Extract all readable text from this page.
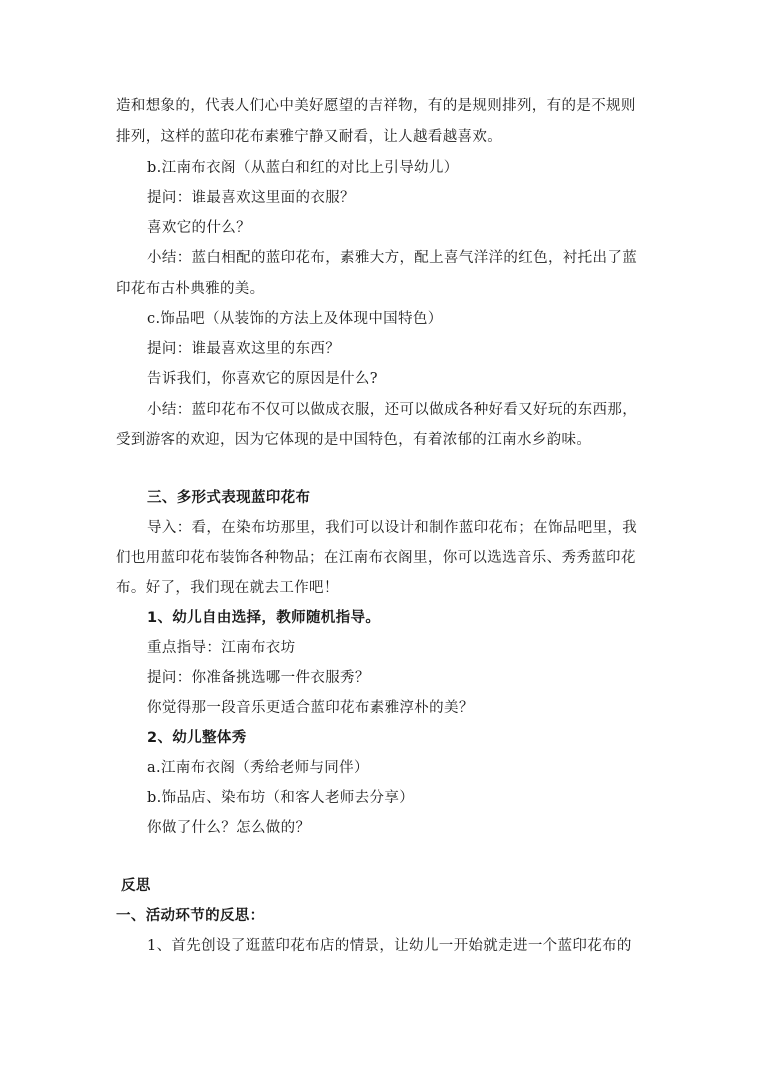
造和想象的，代表人们心中美好愿望的吉祥物，有的是规则排列，有的是不规则
排列，这样的蓝印花布素雅宁静又耐看，让人越看越喜欢。
b.江南布衣阁（从蓝白和红的对比上引导幼儿）
提问：谁最喜欢这里面的衣服？
喜欢它的什么？
小结：蓝白相配的蓝印花布，素雅大方，配上喜气洋洋的红色，衬托出了蓝
印花布古朴典雅的美。
c.饰品吧（从装饰的方法上及体现中国特色）
提问：谁最喜欢这里的东西？
告诉我们，你喜欢它的原因是什么?
小结：蓝印花布不仅可以做成衣服，还可以做成各种好看又好玩的东西那，
受到游客的欢迎，因为它体现的是中国特色，有着浓郁的江南水乡韵味。
三、多形式表现蓝印花布
导入：看，在染布坊那里，我们可以设计和制作蓝印花布；在饰品吧里，我
们也用蓝印花布装饰各种物品；在江南布衣阁里，你可以选选音乐、秀秀蓝印花
布。好了，我们现在就去工作吧！
1、幼儿自由选择，教师随机指导。
重点指导：江南布衣坊
提问：你准备挑选哪一件衣服秀？
你觉得那一段音乐更适合蓝印花布素雅淳朴的美？
2、幼儿整体秀
a.江南布衣阁（秀给老师与同伴）
b.饰品店、染布坊（和客人老师去分享）
你做了什么？怎么做的？
反思
一、活动环节的反思：
1、首先创设了逛蓝印花布店的情景，让幼儿一开始就走进一个蓝印花布的
